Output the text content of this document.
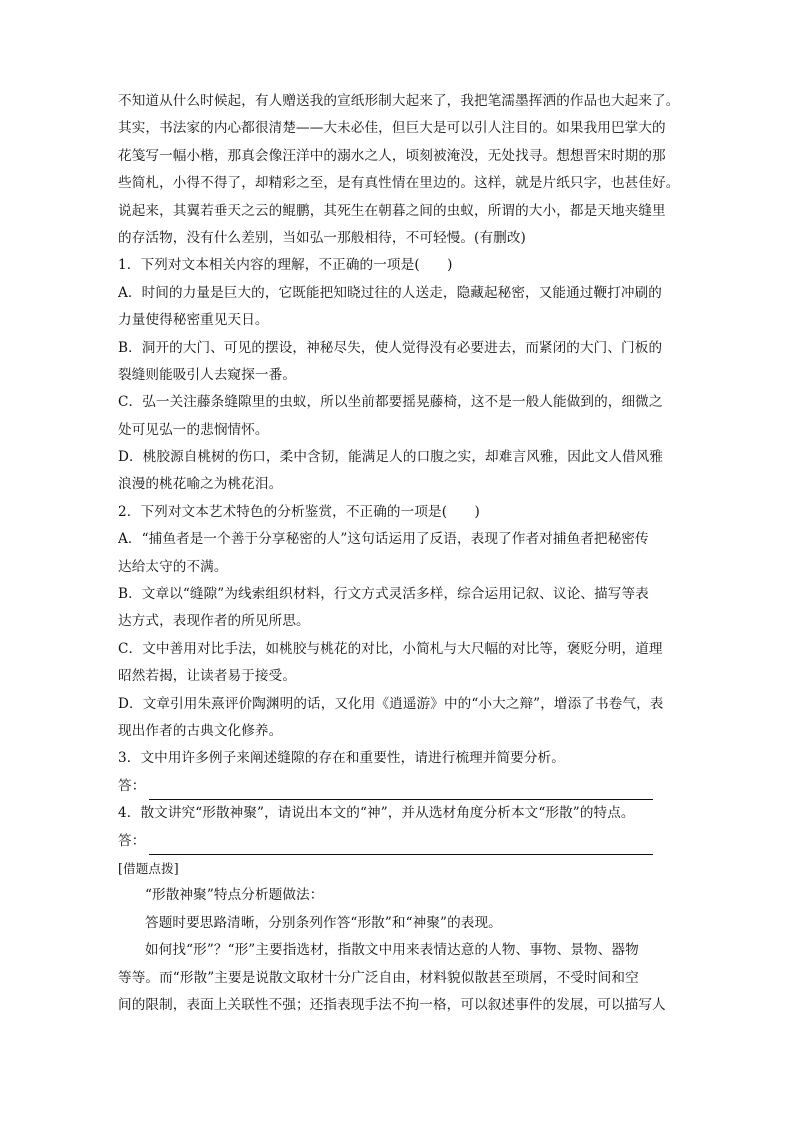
不知道从什么时候起，有人赠送我的宣纸形制大起来了，我把笔濡墨挥洒的作品也大起来了。
其实，书法家的内心都很清楚——大未必佳，但巨大是可以引人注目的。如果我用巴掌大的
花笺写一幅小楷，那真会像汪洋中的溺水之人，顷刻被淹没，无处找寻。想想晋宋时期的那
些简札，小得不得了，却精彩之至，是有真性情在里边的。这样，就是片纸只字，也甚佳好。
说起来，其翼若垂天之云的鲲鹏，其死生在朝暮之间的虫蚁，所谓的大小，都是天地夹缝里
的存活物，没有什么差别，当如弘一那般相待，不可轻慢。(有删改)
1．下列对文本相关内容的理解，不正确的一项是(　　)
A．时间的力量是巨大的，它既能把知晓过往的人送走，隐藏起秘密，又能通过鞭打冲刷的
力量使得秘密重见天日。
B．洞开的大门、可见的摆设，神秘尽失，使人觉得没有必要进去，而紧闭的大门、门板的
裂缝则能吸引人去窥探一番。
C．弘一关注藤条缝隙里的虫蚁，所以坐前都要摇晃藤椅，这不是一般人能做到的，细微之
处可见弘一的悲悯情怀。
D．桃胶源自桃树的伤口，柔中含韧，能满足人的口腹之实，却难言风雅，因此文人借风雅
浪漫的桃花喻之为桃花泪。
2．下列对文本艺术特色的分析鉴赏，不正确的一项是(　　)
A．“捕鱼者是一个善于分享秘密的人”这句话运用了反语，表现了作者对捕鱼者把秘密传
达给太守的不满。
B．文章以“缝隙”为线索组织材料，行文方式灵活多样，综合运用记叙、议论、描写等表
达方式，表现作者的所见所思。
C．文中善用对比手法，如桃胶与桃花的对比，小简札与大尺幅的对比等，褒贬分明，道理
昭然若揭，让读者易于接受。
D．文章引用朱熹评价陶渊明的话，又化用《逍遥游》中的“小大之辩”，增添了书卷气，表
现出作者的古典文化修养。
3．文中用许多例子来阐述缝隙的存在和重要性，请进行梳理并简要分析。
答：
4．散文讲究“形散神聚”，请说出本文的“神”，并从选材角度分析本文“形散”的特点。
答：
[借题点拨]
“形散神聚”特点分析题做法：
答题时要思路清晰，分别条列作答“形散”和“神聚”的表现。
如何找“形”？“形”主要指选材，指散文中用来表情达意的人物、事物、景物、器物
等等。而“形散”主要是说散文取材十分广泛自由，材料貌似散甚至琐屑，不受时间和空
间的限制，表面上关联性不强；还指表现手法不拘一格，可以叙述事件的发展，可以描写人
